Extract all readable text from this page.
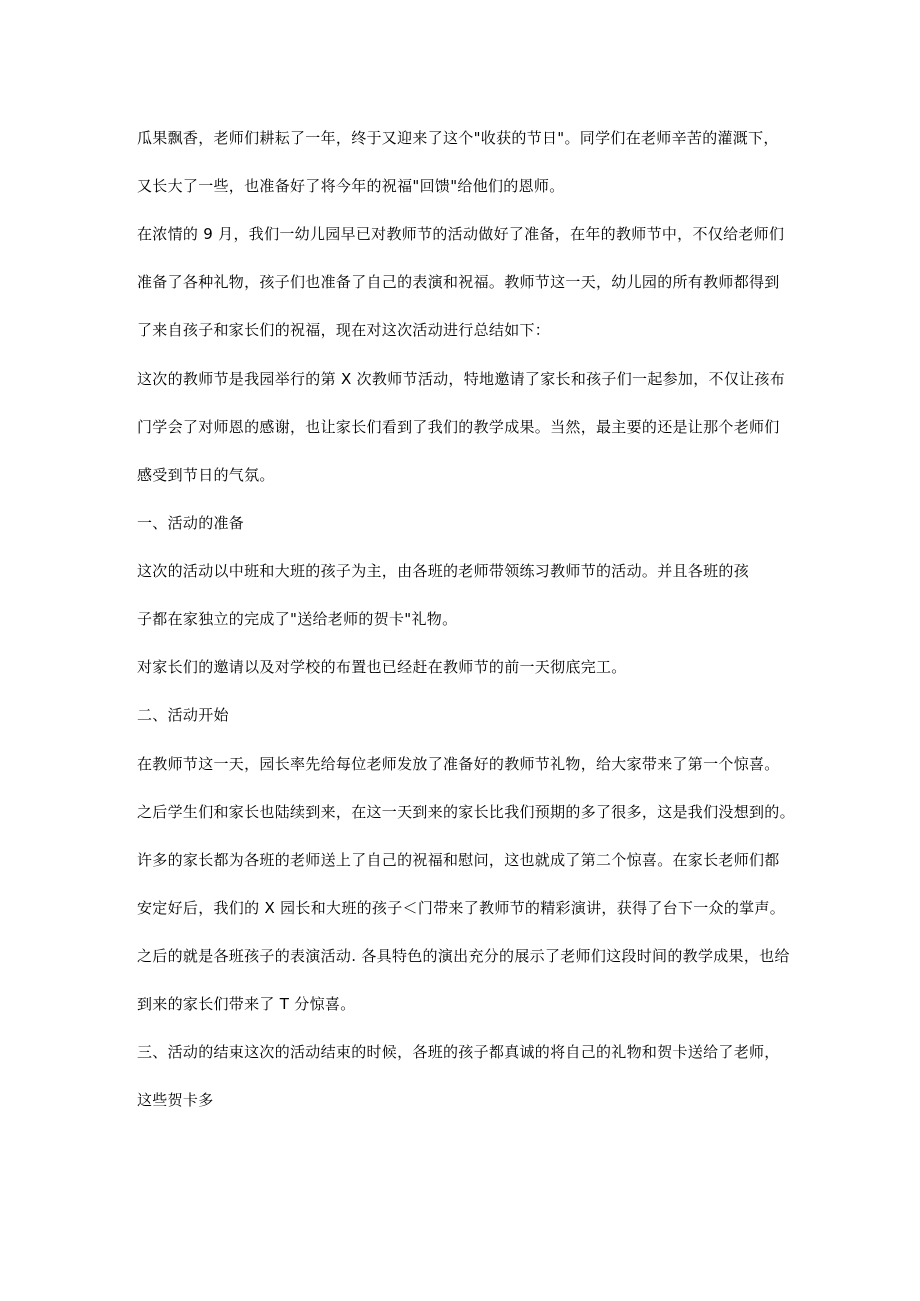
瓜果飘香，老师们耕耘了一年，终于又迎来了这个"收获的节日"。同学们在老师辛苦的灌溉下，
又长大了一些，也准备好了将今年的祝福"回馈"给他们的恩师。
在浓情的 9 月，我们一幼儿园早已对教师节的活动做好了准备，在年的教师节中，不仅给老师们
准备了各种礼物，孩子们也准备了自己的表演和祝福。教师节这一天，幼儿园的所有教师都得到
了来自孩子和家长们的祝福，现在对这次活动进行总结如下：
这次的教师节是我园举行的第 X 次教师节活动，特地邀请了家长和孩子们一起参加，不仅让孩布
门学会了对师恩的感谢，也让家长们看到了我们的教学成果。当然，最主要的还是让那个老师们
感受到节日的气氛。
一、活动的准备
这次的活动以中班和大班的孩子为主，由各班的老师带领练习教师节的活动。并且各班的孩
子都在家独立的完成了"送给老师的贺卡"礼物。
对家长们的邀请以及对学校的布置也已经赶在教师节的前一天彻底完工。
二、活动开始
在教师节这一天，园长率先给每位老师发放了准备好的教师节礼物，给大家带来了第一个惊喜。
之后学生们和家长也陆续到来，在这一天到来的家长比我们预期的多了很多，这是我们没想到的。
许多的家长都为各班的老师送上了自己的祝福和慰问，这也就成了第二个惊喜。在家长老师们都
安定好后，我们的 X 园长和大班的孩子＜门带来了教师节的精彩演讲，获得了台下一众的掌声。
之后的就是各班孩子的表演活动. 各具特色的演出充分的展示了老师们这段时间的教学成果，也给
到来的家长们带来了 T 分惊喜。
三、活动的结束这次的活动结束的时候，各班的孩子都真诚的将自己的礼物和贺卡送给了老师，
这些贺卡多
